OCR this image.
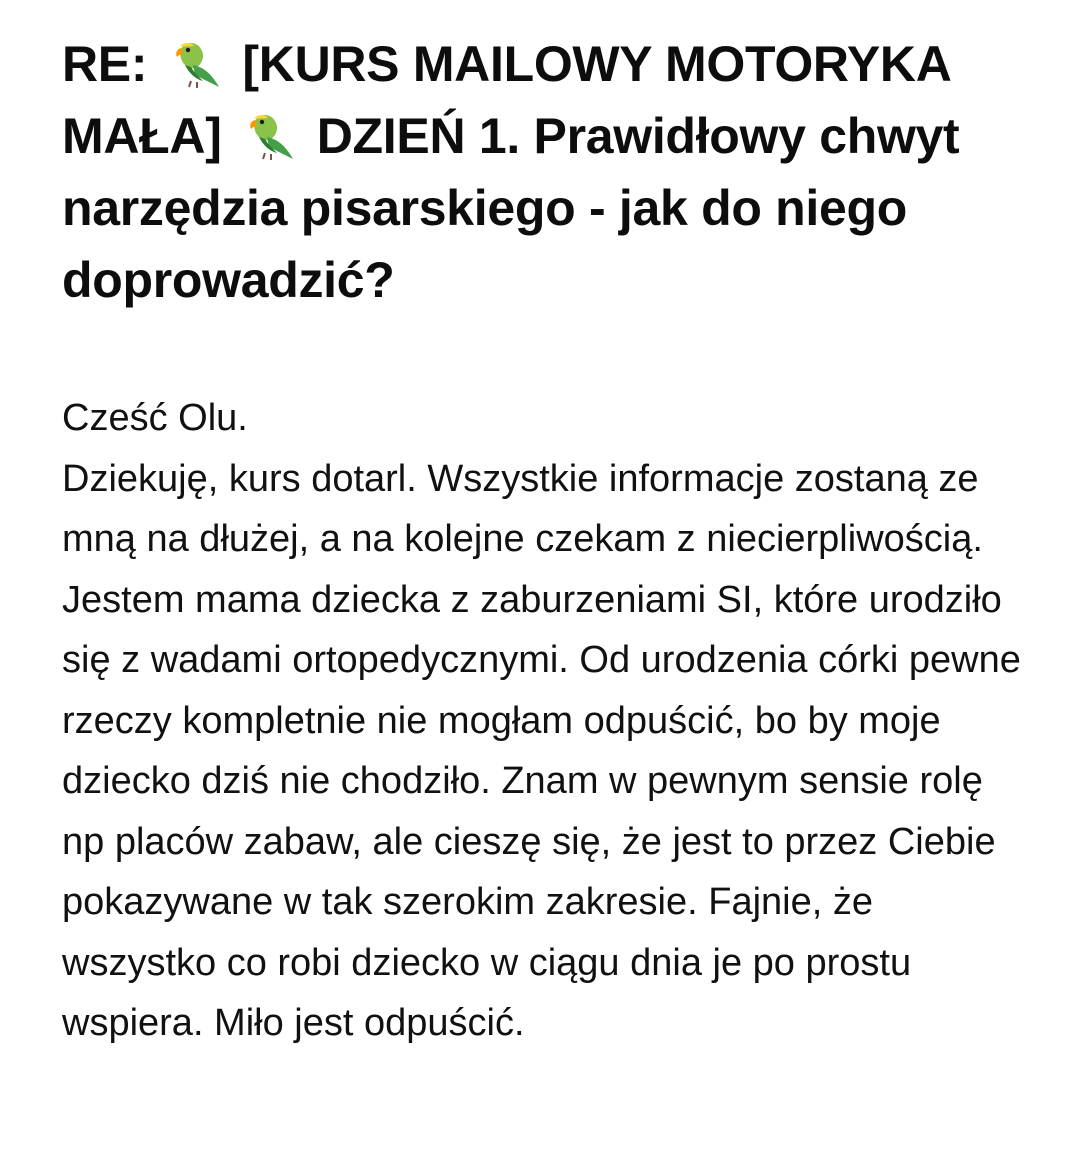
RE: [KURS MAILOWY MOTORYKA MAŁA] DZIEŃ 1. Prawidłowy chwyt narzędzia pisarskiego - jak do niego doprowadzić?

Cześć Olu.

Dziekuję, kurs dotarl. Wszystkie informacje zostaną ze mną na dłużej, a na kolejne czekam z niecierpliwością. Jestem mama dziecka z zaburzeniami SI, które urodziło się z wadami ortopedycznymi. Od urodzenia córki pewne rzeczy kompletnie nie mogłam odpuścić, bo by moje dziecko dziś nie chodziło. Znam w pewnym sensie rolę np placów zabaw, ale cieszę się, że jest to przez Ciebie pokazywane w tak szerokim zakresie. Fajnie, że wszystko co robi dziecko w ciągu dnia je po prostu wspiera. Miło jest odpuścić.
